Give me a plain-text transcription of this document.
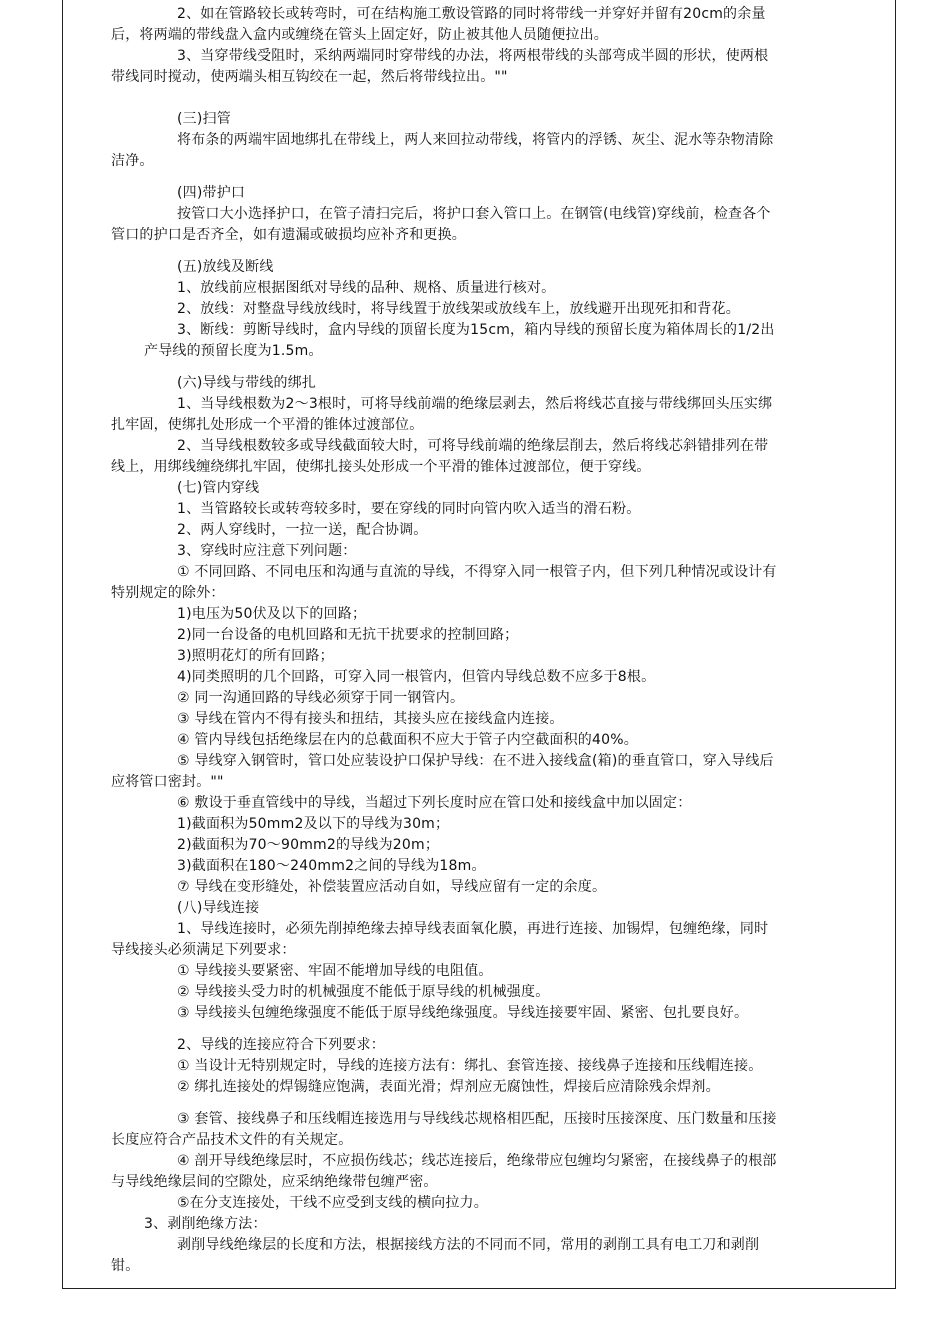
2、如在管路较长或转弯时，可在结构施工敷设管路的同时将带线一并穿好并留有20cm的余量
后，将两端的带线盘入盒内或缠绕在管头上固定好，防止被其他人员随便拉出。
3、当穿带线受阻时，采纳两端同时穿带线的办法，将两根带线的头部弯成半圆的形状，使两根
带线同时搅动，使两端头相互钩绞在一起，然后将带线拉出。""
(三)扫管
将布条的两端牢固地绑扎在带线上，两人来回拉动带线，将管内的浮锈、灰尘、泥水等杂物清除
洁净。
(四)带护口
按管口大小选择护口，在管子清扫完后，将护口套入管口上。在钢管(电线管)穿线前，检查各个
管口的护口是否齐全，如有遗漏或破损均应补齐和更换。
(五)放线及断线
1、放线前应根据图纸对导线的品种、规格、质量进行核对。
2、放线：对整盘导线放线时，将导线置于放线架或放线车上，放线避开出现死扣和背花。
3、断线：剪断导线时，盒内导线的顶留长度为15cm，箱内导线的预留长度为箱体周长的1/2出
产导线的预留长度为1.5m。
(六)导线与带线的绑扎
1、当导线根数为2～3根时，可将导线前端的绝缘层剥去，然后将线芯直接与带线绑回头压实绑
扎牢固，使绑扎处形成一个平滑的锥体过渡部位。
2、当导线根数较多或导线截面较大时，可将导线前端的绝缘层削去，然后将线芯斜错排列在带
线上，用绑线缠绕绑扎牢固，使绑扎接头处形成一个平滑的锥体过渡部位，便于穿线。
(七)管内穿线
1、当管路较长或转弯较多时，要在穿线的同时向管内吹入适当的滑石粉。
2、两人穿线时，一拉一送，配合协调。
3、穿线时应注意下列问题：
① 不同回路、不同电压和沟通与直流的导线，不得穿入同一根管子内，但下列几种情况或设计有
特别规定的除外：
1)电压为50伏及以下的回路；
2)同一台设备的电机回路和无抗干扰要求的控制回路；
3)照明花灯的所有回路；
4)同类照明的几个回路，可穿入同一根管内，但管内导线总数不应多于8根。
② 同一沟通回路的导线必须穿于同一钢管内。
③ 导线在管内不得有接头和扭结，其接头应在接线盒内连接。
④ 管内导线包括绝缘层在内的总截面积不应大于管子内空截面积的40%。
⑤ 导线穿入钢管时，管口处应装设护口保护导线：在不进入接线盒(箱)的垂直管口，穿入导线后
应将管口密封。""
⑥ 敷设于垂直管线中的导线，当超过下列长度时应在管口处和接线盒中加以固定：
1)截面积为50mm2及以下的导线为30m；
2)截面积为70～90mm2的导线为20m；
3)截面积在180～240mm2之间的导线为18m。
⑦ 导线在变形缝处，补偿装置应活动自如，导线应留有一定的余度。
(八)导线连接
1、导线连接时，必须先削掉绝缘去掉导线表面氧化膜，再进行连接、加锡焊，包缠绝缘，同时
导线接头必须满足下列要求：
① 导线接头要紧密、牢固不能增加导线的电阻值。
② 导线接头受力时的机械强度不能低于原导线的机械强度。
③ 导线接头包缠绝缘强度不能低于原导线绝缘强度。导线连接要牢固、紧密、包扎要良好。
2、导线的连接应符合下列要求：
① 当设计无特别规定时，导线的连接方法有：绑扎、套管连接、接线鼻子连接和压线帽连接。
② 绑扎连接处的焊锡缝应饱满，表面光滑；焊剂应无腐蚀性，焊接后应清除残余焊剂。
③ 套管、接线鼻子和压线帽连接选用与导线线芯规格相匹配，压接时压接深度、压门数量和压接
长度应符合产品技术文件的有关规定。
④ 剖开导线绝缘层时，不应损伤线芯；线芯连接后，绝缘带应包缠均匀紧密，在接线鼻子的根部
与导线绝缘层间的空隙处，应采纳绝缘带包缠严密。
⑤在分支连接处，干线不应受到支线的横向拉力。
3、剥削绝缘方法：
剥削导线绝缘层的长度和方法，根据接线方法的不同而不同，常用的剥削工具有电工刀和剥削
钳。
